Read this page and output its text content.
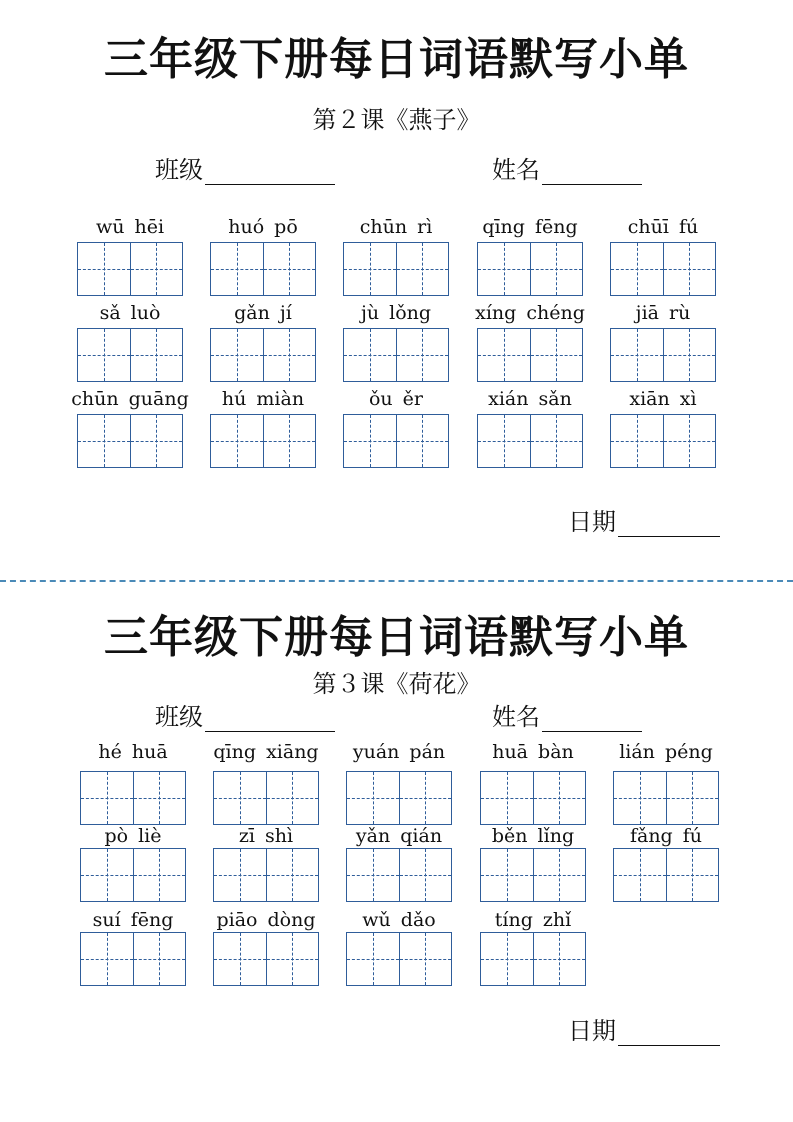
三年级下册每日词语默写小单
第２课《燕子》
班级	姓名
wū hēi	huó pō	chūn rì	qīng fēng	chūī fú
sǎ luò	gǎn jí	jù lǒng	xíng chéng	jiā rù
chūn guāng	hú miàn	ǒu ěr	xián sǎn	xiān xì
日期
三年级下册每日词语默写小单
第３课《荷花》
班级	姓名
hé huā	qīng xiāng	yuán pán	huā bàn	lián péng
pò liè	zī shì	yǎn qián	běn lǐng	fǎng fú
suí fēng	piāo dòng	wǔ dǎo	tíng zhǐ
日期
